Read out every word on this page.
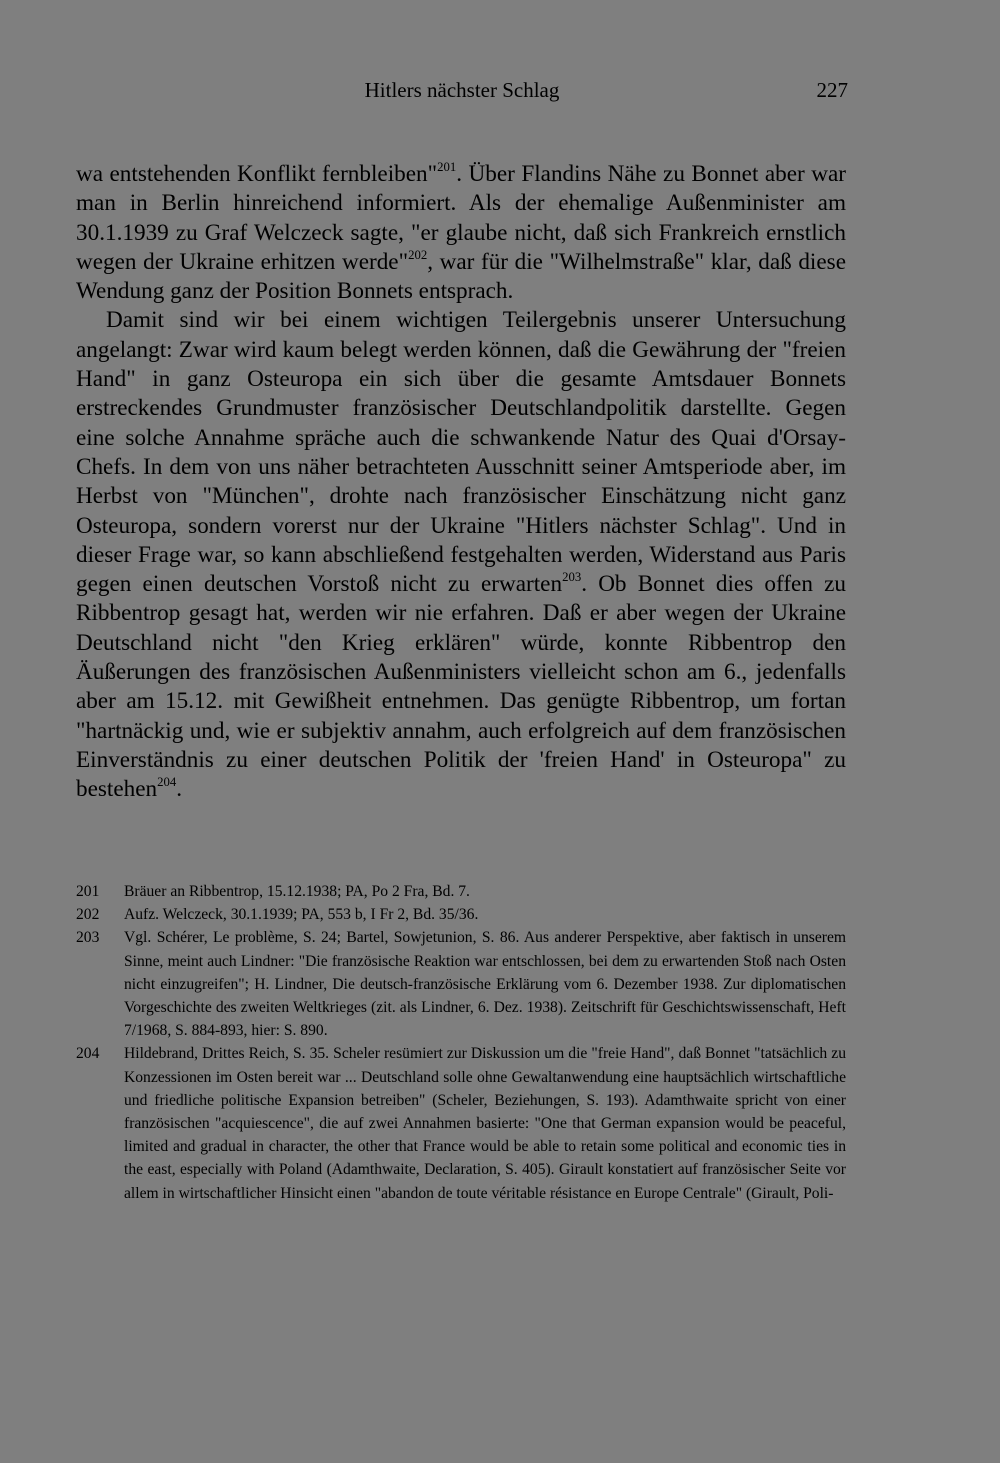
Hitlers nächster Schlag	227

wa entstehenden Konflikt fernbleiben"$^{201}$. Über Flandins Nähe zu Bonnet aber war man in Berlin hinreichend informiert. Als der ehemalige Außenminister am 30.1.1939 zu Graf Welczeck sagte, "er glaube nicht, daß sich Frankreich ernstlich wegen der Ukraine erhitzen werde"$^{202}$, war für die "Wilhelmstraße" klar, daß diese Wendung ganz der Position Bonnets entsprach.

Damit sind wir bei einem wichtigen Teilergebnis unserer Untersuchung angelangt: Zwar wird kaum belegt werden können, daß die Gewährung der "freien Hand" in ganz Osteuropa ein sich über die gesamte Amtsdauer Bonnets erstreckendes Grundmuster französischer Deutschlandpolitik darstellte. Gegen eine solche Annahme spräche auch die schwankende Natur des Quai d'Orsay-Chefs. In dem von uns näher betrachteten Ausschnitt seiner Amtsperiode aber, im Herbst von "München", drohte nach französischer Einschätzung nicht ganz Osteuropa, sondern vorerst nur der Ukraine "Hitlers nächster Schlag". Und in dieser Frage war, so kann abschließend festgehalten werden, Widerstand aus Paris gegen einen deutschen Vorstoß nicht zu erwarten$^{203}$. Ob Bonnet dies offen zu Ribbentrop gesagt hat, werden wir nie erfahren. Daß er aber wegen der Ukraine Deutschland nicht "den Krieg erklären" würde, konnte Ribbentrop den Äußerungen des französischen Außenministers vielleicht schon am 6., jedenfalls aber am 15.12. mit Gewißheit entnehmen. Das genügte Ribbentrop, um fortan "hartnäckig und, wie er subjektiv annahm, auch erfolgreich auf dem französischen Einverständnis zu einer deutschen Politik der 'freien Hand' in Osteuropa" zu bestehen$^{204}$.

201	Bräuer an Ribbentrop, 15.12.1938; PA, Po 2 Fra, Bd. 7.
202	Aufz. Welczeck, 30.1.1939; PA, 553 b, I Fr 2, Bd. 35/36.
203	Vgl. Schérer, Le problème, S. 24; Bartel, Sowjetunion, S. 86. Aus anderer Perspektive, aber faktisch in unserem Sinne, meint auch Lindner: "Die französische Reaktion war entschlossen, bei dem zu erwartenden Stoß nach Osten nicht einzugreifen"; H. Lindner, Die deutsch-französische Erklärung vom 6. Dezember 1938. Zur diplomatischen Vorgeschichte des zweiten Weltkrieges (zit. als Lindner, 6. Dez. 1938). Zeitschrift für Geschichtswissenschaft, Heft 7/1968, S. 884-893, hier: S. 890.
204	Hildebrand, Drittes Reich, S. 35. Scheler resümiert zur Diskussion um die "freie Hand", daß Bonnet "tatsächlich zu Konzessionen im Osten bereit war ... Deutschland solle ohne Gewaltanwendung eine hauptsächlich wirtschaftliche und friedliche politische Expansion betreiben" (Scheler, Beziehungen, S. 193). Adamthwaite spricht von einer französischen "acquiescence", die auf zwei Annahmen basierte: "One that German expansion would be peaceful, limited and gradual in character, the other that France would be able to retain some political and economic ties in the east, especially with Poland (Adamthwaite, Declaration, S. 405). Girault konstatiert auf französischer Seite vor allem in wirtschaftlicher Hinsicht einen "abandon de toute véritable résistance en Europe Centrale" (Girault, Poli-
